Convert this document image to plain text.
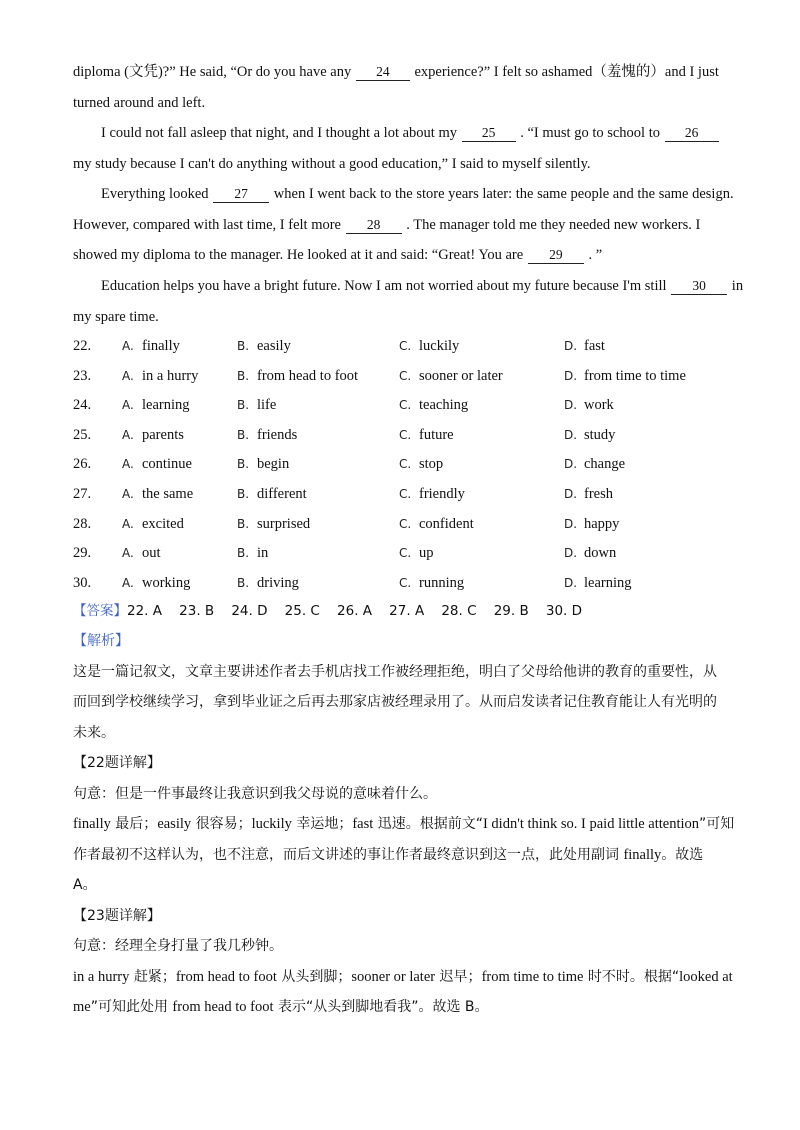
diploma (文凭)?” He said, “Or do you have any 24 experience?” I felt so ashamed（羞愧的）and I just
turned around and left.
I could not fall asleep that night, and I thought a lot about my 25 . “I must go to school to 26
my study because I can't do anything without a good education,” I said to myself silently.
Everything looked 27 when I went back to the store years later: the same people and the same design.
However, compared with last time, I felt more 28 . The manager told me they needed new workers. I
showed my diploma to the manager. He looked at it and said: “Great! You are 29 . ”
Education helps you have a bright future. Now I am not worried about my future because I'm still 30 in
my spare time.
22.	A. finally	B. easily	C. luckily	D. fast
23.	A. in a hurry	B. from head to foot	C. sooner or later	D. from time to time
24.	A. learning	B. life	C. teaching	D. work
25.	A. parents	B. friends	C. future	D. study
26.	A. continue	B. begin	C. stop	D. change
27.	A. the same	B. different	C. friendly	D. fresh
28.	A. excited	B. surprised	C. confident	D. happy
29.	A. out	B. in	C. up	D. down
30.	A. working	B. driving	C. running	D. learning
【答案】22. A    23. B    24. D    25. C    26. A    27. A    28. C    29. B    30. D
【解析】
这是一篇记叙文，文章主要讲述作者去手机店找工作被经理拒绝，明白了父母给他讲的教育的重要性，从
而回到学校继续学习，拿到毕业证之后再去那家店被经理录用了。从而启发读者记住教育能让人有光明的
未来。
【22题详解】
句意：但是一件事最终让我意识到我父母说的意味着什么。
finally 最后；easily 很容易；luckily 幸运地；fast 迅速。根据前文“I didn't think so. I paid little attention”可知
作者最初不这样认为，也不注意，而后文讲述的事让作者最终意识到这一点，此处用副词 finally。故选
A。
【23题详解】
句意：经理全身打量了我几秒钟。
in a hurry 赶紧；from head to foot 从头到脚；sooner or later 迟早；from time to time 时不时。根据“looked at
me”可知此处用 from head to foot 表示“从头到脚地看我”。故选 B。
